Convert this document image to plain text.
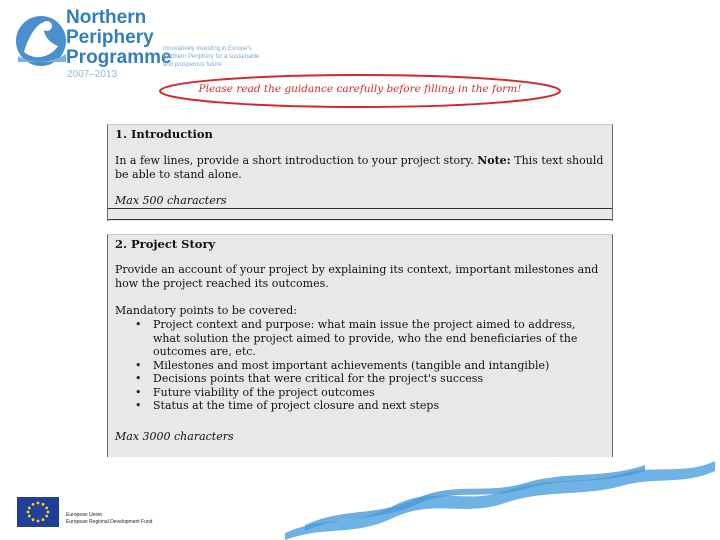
Northern
Periphery
Programme
2007–2013
Innovatively investing in Europe's Northern Periphery for a sustainable and prosperous future
Please read the guidance carefully before filling in the form!
1. Introduction
In a few lines, provide a short introduction to your project story. Note: This text should be able to stand alone.
Max 500 characters
2. Project Story
Provide an account of your project by explaining its context, important milestones and how the project reached its outcomes.
Mandatory points to be covered:
• Project context and purpose: what main issue the project aimed to address, what solution the project aimed to provide, who the end beneficiaries of the outcomes are, etc.
• Milestones and most important achievements (tangible and intangible)
• Decisions points that were critical for the project's success
• Future viability of the project outcomes
• Status at the time of project closure and next steps
Max 3000 characters
European Union
European Regional Development Fund
